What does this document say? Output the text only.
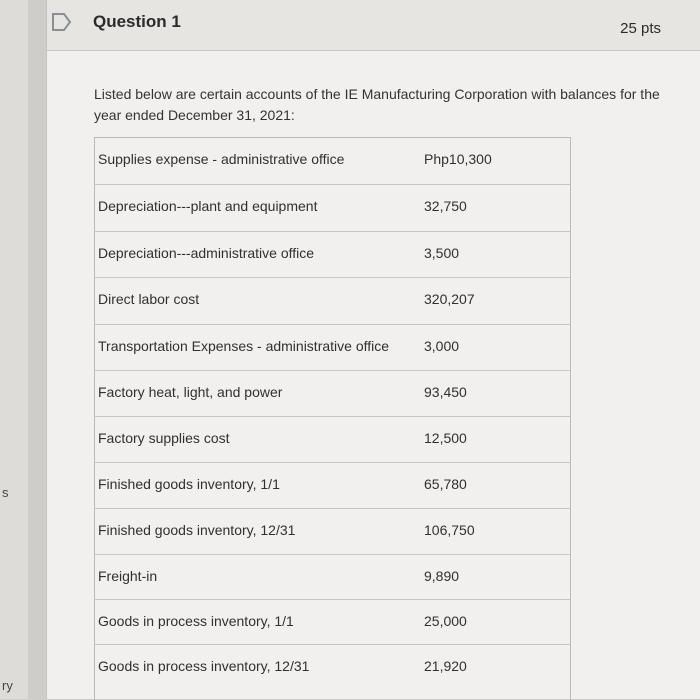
s
ry
Question 1	25 pts
Listed below are certain accounts of the IE Manufacturing Corporation with balances for the year ended December 31, 2021:
Supplies expense - administrative office	Php10,300
Depreciation---plant and equipment	32,750
Depreciation---administrative office	3,500
Direct labor cost	320,207
Transportation Expenses - administrative office 3,000
Factory heat, light, and power	93,450
Factory supplies cost	12,500
Finished goods inventory, 1/1	65,780
Finished goods inventory, 12/31	106,750
Freight-in	9,890
Goods in process inventory, 1/1	25,000
Goods in process inventory, 12/31	21,920
